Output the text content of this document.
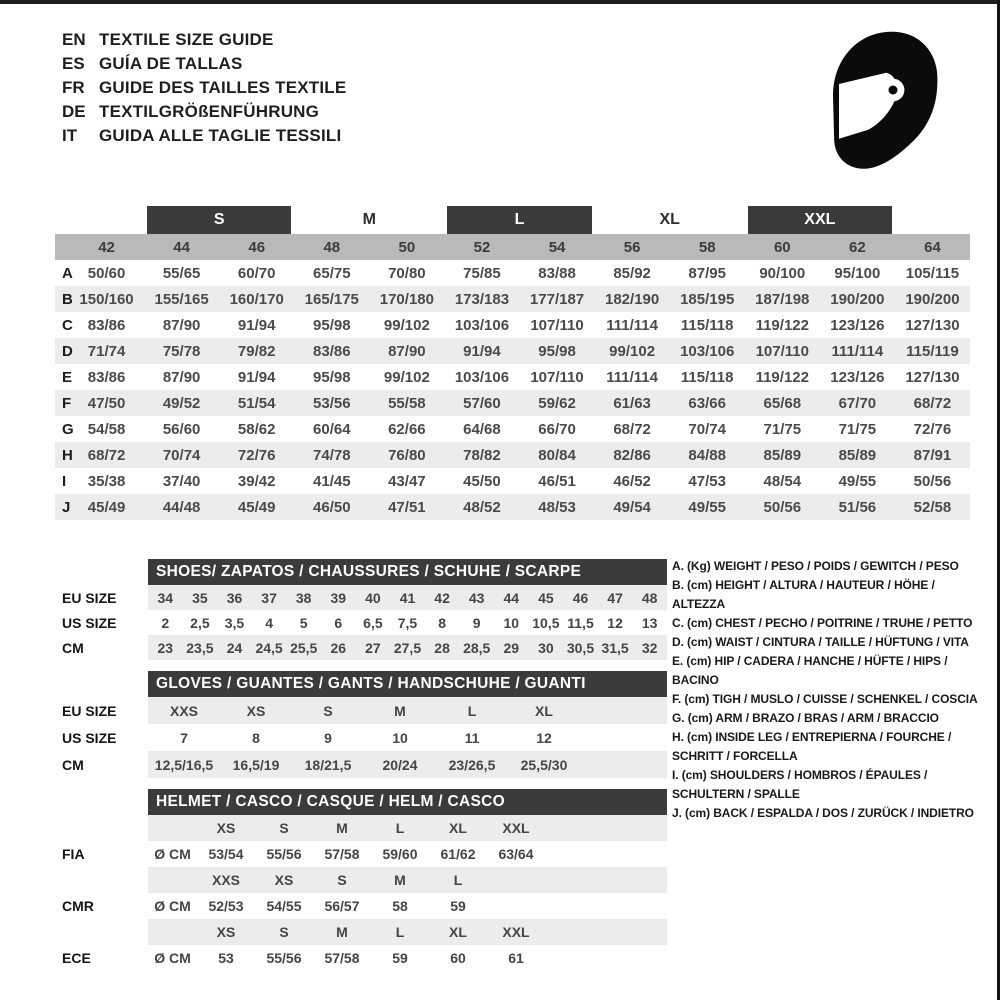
EN TEXTILE SIZE GUIDE
ES GUÍA DE TALLAS
FR GUIDE DES TAILLES TEXTILE
DE TEXTILGRÖßENFÜHRUNG
IT	GUIDA ALLE TAGLIE TESSILI
S	M	L	XL	XXL
42	44	46	48	50	52	54	56	58	60	62	64
A 50/60	55/65	60/70	65/75	70/80	75/85	83/88	85/92	87/95	90/100	95/100	105/115
B 150/160	155/165	160/170	165/175	170/180	173/183	177/187	182/190	185/195	187/198	190/200	190/200
C 83/86	87/90	91/94	95/98	99/102	103/106	107/110	111/114	115/118	119/122	123/126	127/130
D 71/74	75/78	79/82	83/86	87/90	91/94	95/98	99/102	103/106	107/110	111/114	115/119
E	83/86	87/90	91/94	95/98	99/102	103/106	107/110	111/114	115/118	119/122	123/126	127/130
F	47/50	49/52	51/54	53/56	55/58	57/60	59/62	61/63	63/66	65/68	67/70	68/72
G 54/58	56/60	58/62	60/64	62/66	64/68	66/70	68/72	70/74	71/75	71/75	72/76
H 68/72	70/74	72/76	74/78	76/80	78/82	80/84	82/86	84/88	85/89	85/89	87/91
I	35/38	37/40	39/42	41/45	43/47	45/50	46/51	46/52	47/53	48/54	49/55	50/56
J	45/49	44/48	45/49	46/50	47/51	48/52	48/53	49/54	49/55	50/56	51/56	52/58
SHOES/ ZAPATOS / CHAUSSURES / SCHUHE / SCARPE
EU SIZE	34	35	36	37	38	39	40	41	42	43	44	45	46	47	48
US SIZE	2	2,5	3,5	4	5	6	6,5	7,5	8	9	10 10,5 11,5 12	13
CM	23 23,5 24 24,5 25,5 26	27 27,5 28 28,5 29	30 30,5 31,5 32
GLOVES / GUANTES / GANTS / HANDSCHUHE / GUANTI
EU SIZE	XXS	XS	S	M	L	XL
US SIZE	7	8	9	10	11	12
CM	12,5/16,5	16,5/19	18/21,5	20/24	23/26,5	25,5/30
HELMET / CASCO / CASQUE / HELM / CASCO
XS	S	M	L	XL	XXL
FIA	Ø CM	53/54	55/56	57/58	59/60	61/62	63/64
XXS	XS	S	M	L
CMR	Ø CM	52/53	54/55	56/57	58	59
XS	S	M	L	XL	XXL
ECE	Ø CM	53	55/56	57/58	59	60	61
A. (Kg) WEIGHT / PESO / POIDS / GEWITCH / PESO
B. (cm) HEIGHT / ALTURA / HAUTEUR / HÖHE / ALTEZZA
C. (cm) CHEST / PECHO / POITRINE / TRUHE / PETTO
D. (cm) WAIST / CINTURA / TAILLE / HÜFTUNG / VITA
E. (cm) HIP / CADERA / HANCHE / HÜFTE / HIPS / BACINO
F. (cm) TIGH / MUSLO / CUISSE / SCHENKEL / COSCIA
G. (cm) ARM / BRAZO / BRAS / ARM / BRACCIO
H. (cm) INSIDE LEG / ENTREPIERNA / FOURCHE / SCHRITT / FORCELLA
I. (cm) SHOULDERS / HOMBROS / ÉPAULES / SCHULTERN / SPALLE
J. (cm) BACK / ESPALDA / DOS / ZURÜCK / INDIETRO
